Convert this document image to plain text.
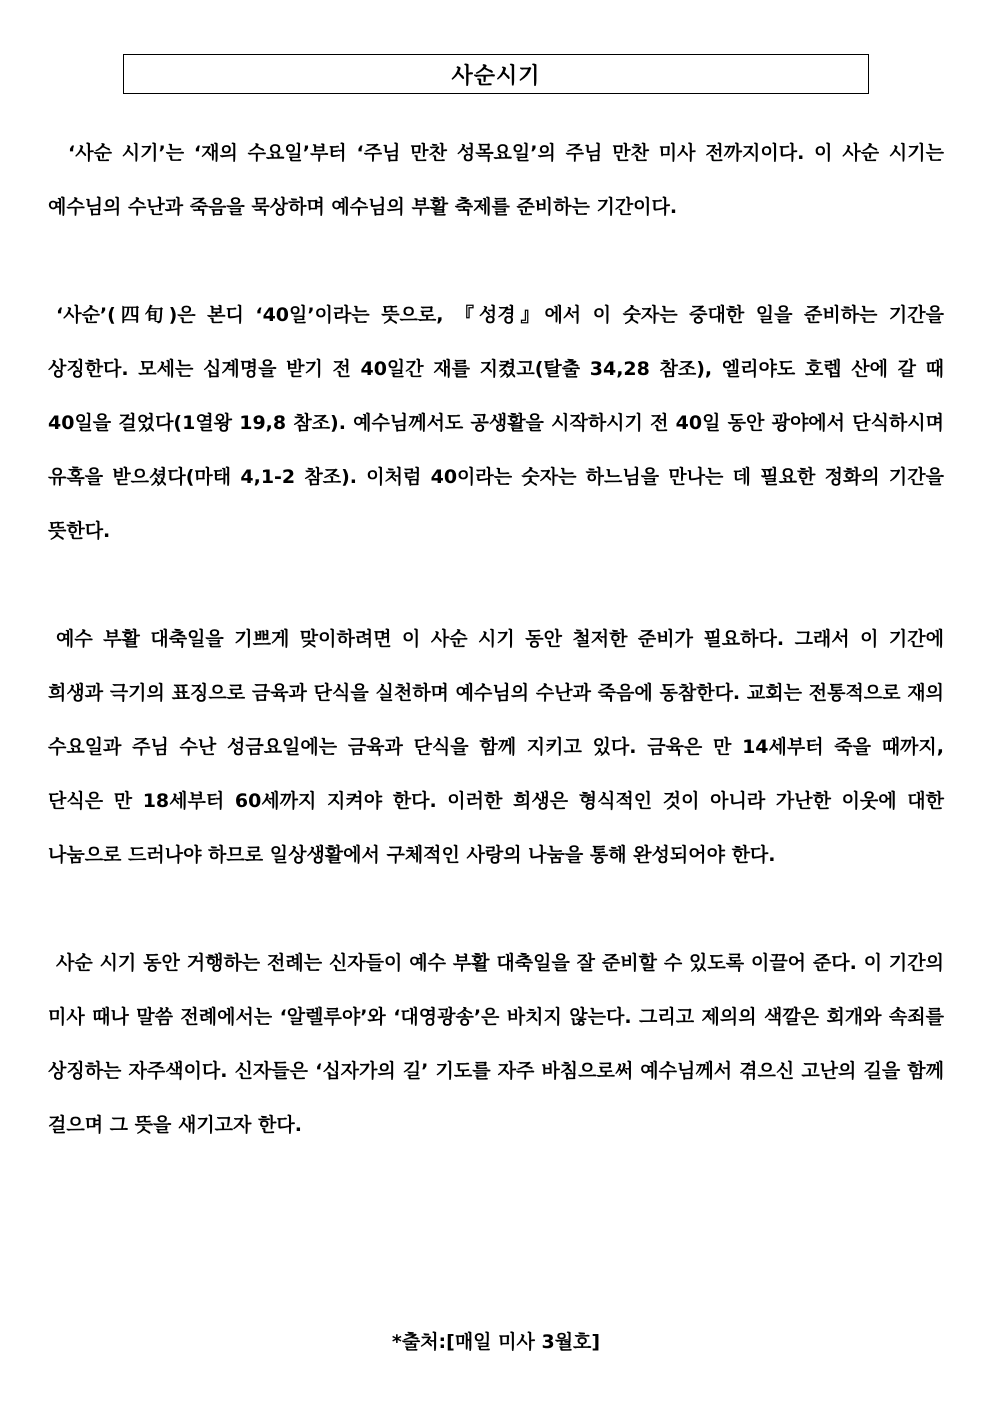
사순시기

‘사순 시기’는 ‘재의 수요일’부터 ‘주님 만찬 성목요일’의 주님 만찬 미사 전까지이다. 이 사순 시기는 예수님의 수난과 죽음을 묵상하며 예수님의 부활 축제를 준비하는 기간이다.

‘사순’(四旬)은 본디 ‘40일’이라는 뜻으로, 『성경』에서 이 숫자는 중대한 일을 준비하는 기간을 상징한다. 모세는 십계명을 받기 전 40일간 재를 지켰고(탈출 34,28 참조), 엘리야도 호렙 산에 갈 때 40일을 걸었다(1열왕 19,8 참조). 예수님께서도 공생활을 시작하시기 전 40일 동안 광야에서 단식하시며 유혹을 받으셨다(마태 4,1-2 참조). 이처럼 40이라는 숫자는 하느님을 만나는 데 필요한 정화의 기간을 뜻한다.

예수 부활 대축일을 기쁘게 맞이하려면 이 사순 시기 동안 철저한 준비가 필요하다. 그래서 이 기간에 희생과 극기의 표징으로 금육과 단식을 실천하며 예수님의 수난과 죽음에 동참한다. 교회는 전통적으로 재의 수요일과 주님 수난 성금요일에는 금육과 단식을 함께 지키고 있다. 금육은 만 14세부터 죽을 때까지, 단식은 만 18세부터 60세까지 지켜야 한다. 이러한 희생은 형식적인 것이 아니라 가난한 이웃에 대한 나눔으로 드러나야 하므로 일상생활에서 구체적인 사랑의 나눔을 통해 완성되어야 한다.

사순 시기 동안 거행하는 전례는 신자들이 예수 부활 대축일을 잘 준비할 수 있도록 이끌어 준다. 이 기간의 미사 때나 말씀 전례에서는 ‘알렐루야’와 ‘대영광송’은 바치지 않는다. 그리고 제의의 색깔은 회개와 속죄를 상징하는 자주색이다. 신자들은 ‘십자가의 길’ 기도를 자주 바침으로써 예수님께서 겪으신 고난의 길을 함께 걸으며 그 뜻을 새기고자 한다.

*출처:[매일 미사 3월호]
